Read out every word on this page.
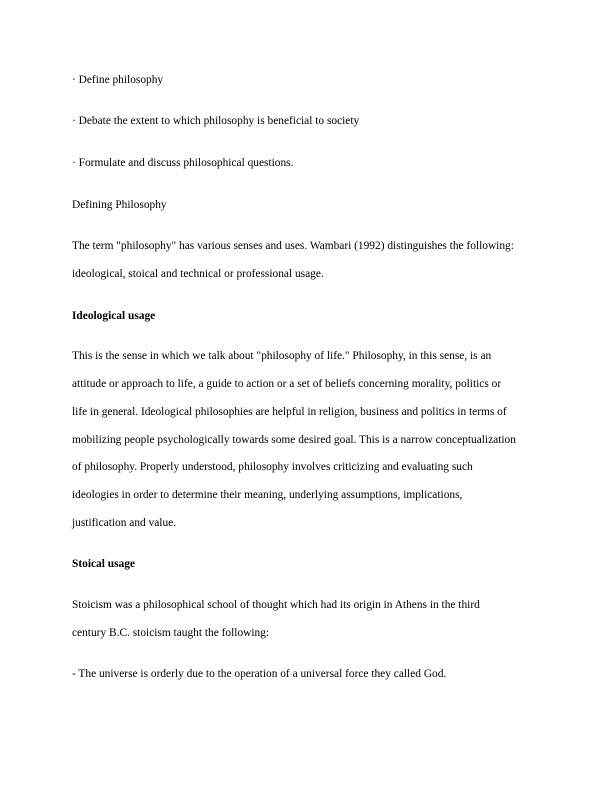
· Define philosophy
· Debate the extent to which philosophy is beneficial to society
· Formulate and discuss philosophical questions.
Defining Philosophy
The term "philosophy" has various senses and uses. Wambari (1992) distinguishes the following:
ideological, stoical and technical or professional usage.
Ideological usage
This is the sense in which we talk about "philosophy of life." Philosophy, in this sense, is an
attitude or approach to life, a guide to action or a set of beliefs concerning morality, politics or
life in general. Ideological philosophies are helpful in religion, business and politics in terms of
mobilizing people psychologically towards some desired goal. This is a narrow conceptualization
of philosophy. Properly understood, philosophy involves criticizing and evaluating such
ideologies in order to determine their meaning, underlying assumptions, implications,
justification and value.
Stoical usage
Stoicism was a philosophical school of thought which had its origin in Athens in the third
century B.C. stoicism taught the following:
- The universe is orderly due to the operation of a universal force they called God.
